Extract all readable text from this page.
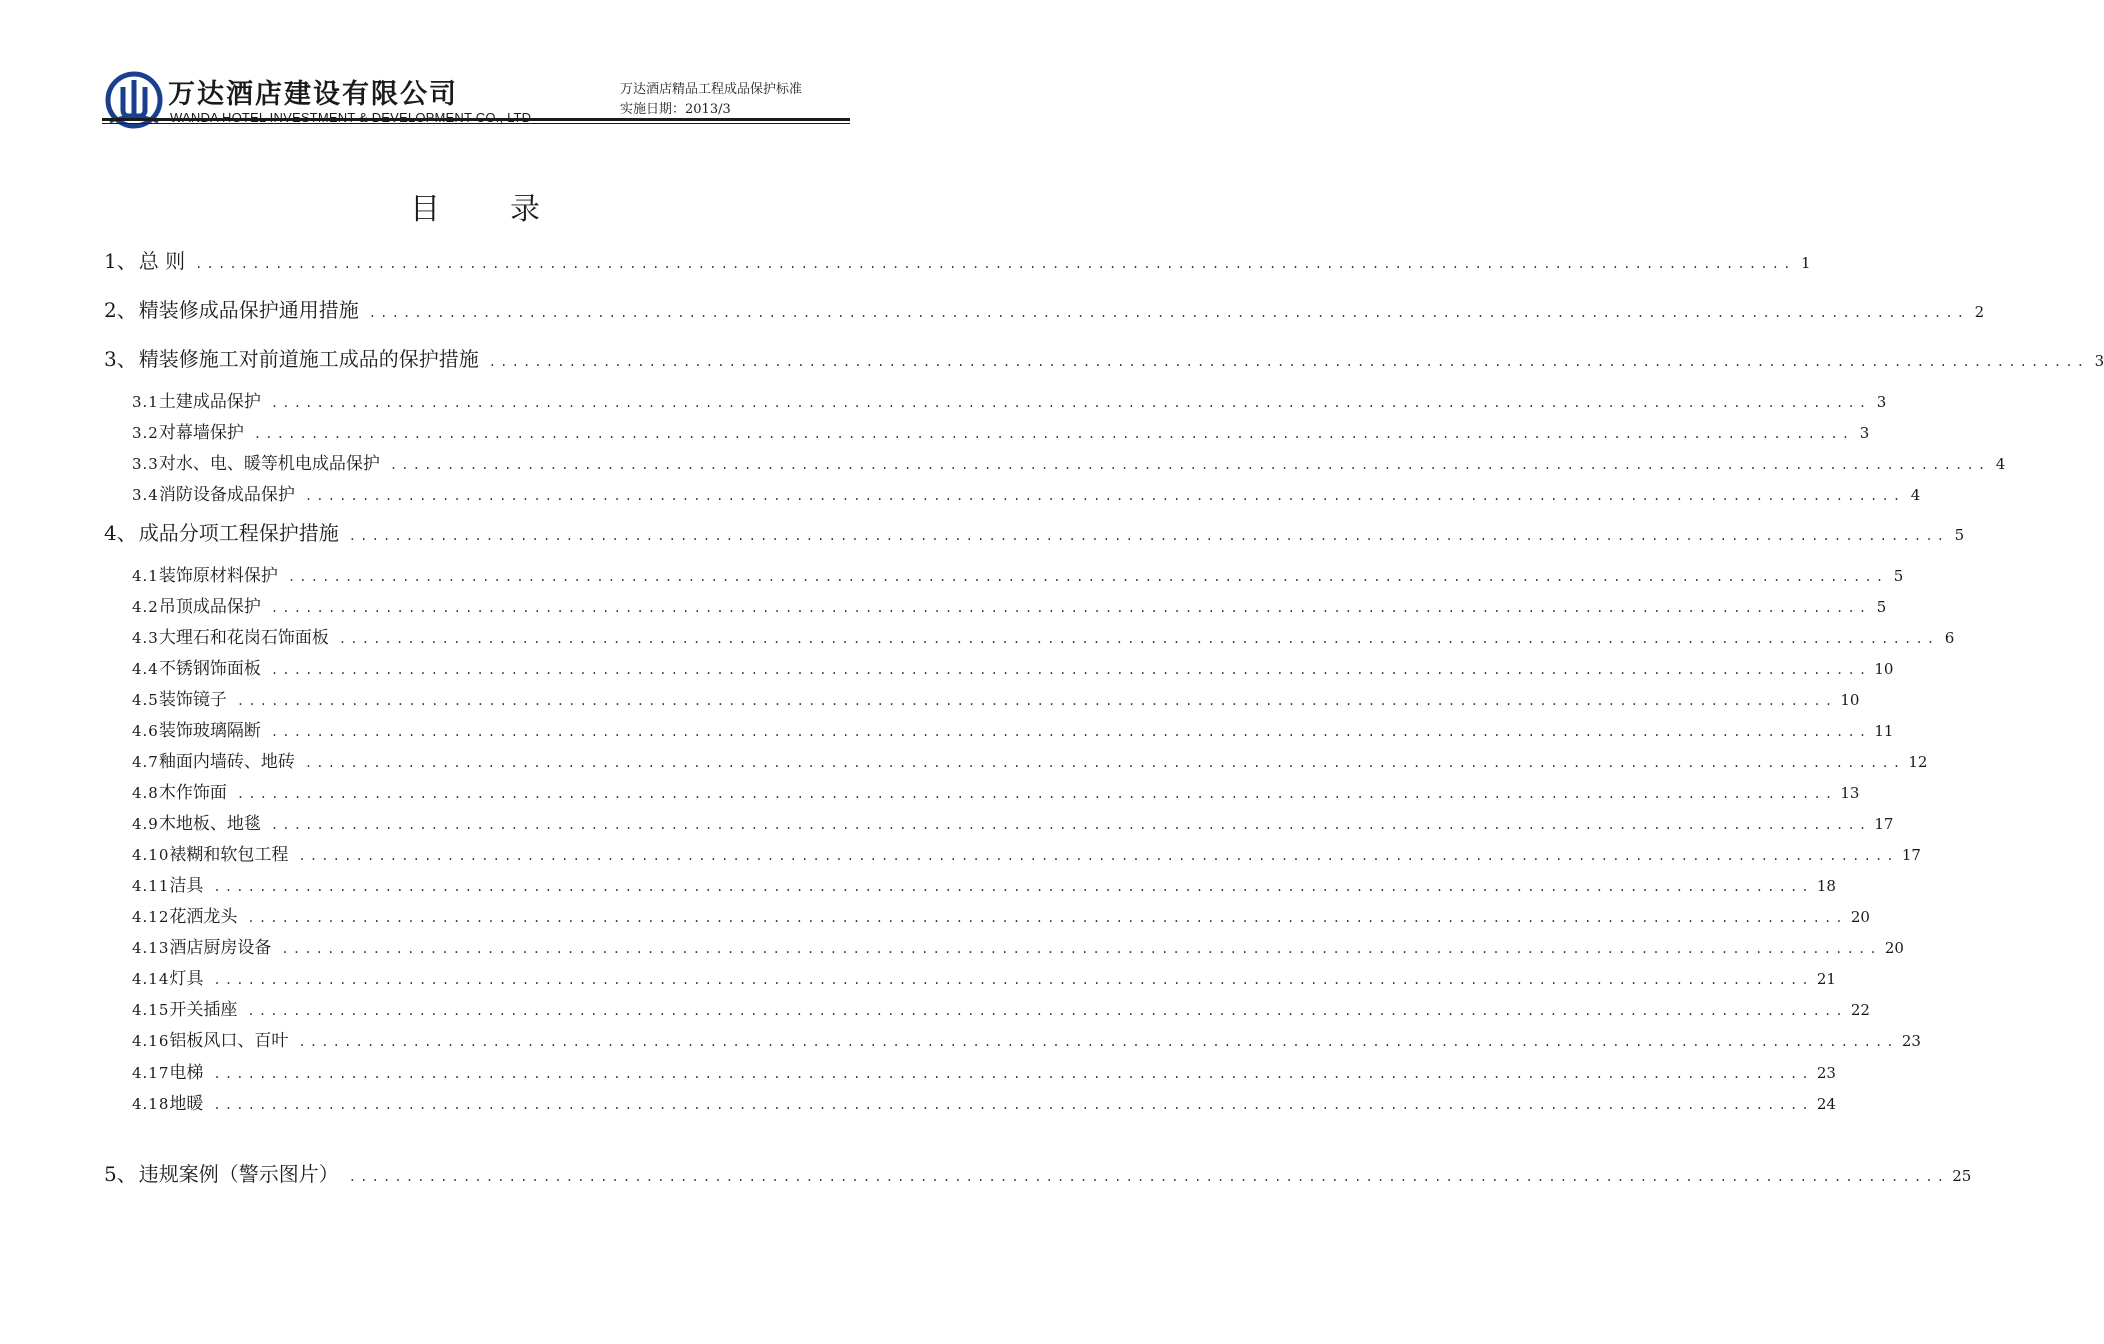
万达酒店建设有限公司	万达酒店精品工程成品保护标准
实施日期：2013/3
目录
1、 总 则 ............................................................................................................................................ 1
2、 精装修成品保护通用措施 ............................................................................................................................................ 2
3、 精装修施工对前道施工成品的保护措施 ............................................................................................................................................ 3
3.1 土建成品保护 ............................................................................................................................................ 3
3.2 对幕墙保护 ............................................................................................................................................ 3
3.3 对水、电、暖等机电成品保护 ............................................................................................................................................ 4
3.4 消防设备成品保护 ............................................................................................................................................ 4
4、 成品分项工程保护措施 ............................................................................................................................................ 5
4.1 装饰原材料保护 ............................................................................................................................................ 5
4.2 吊顶成品保护 ............................................................................................................................................ 5
4.3 大理石和花岗石饰面板 ............................................................................................................................................ 6
4.4 不锈钢饰面板 ............................................................................................................................................ 10
4.5 装饰镜子 ............................................................................................................................................ 10
4.6 装饰玻璃隔断 ............................................................................................................................................ 11
4.7 釉面内墙砖、地砖 ............................................................................................................................................ 12
4.8 木作饰面 ............................................................................................................................................ 13
4.9 木地板、地毯 ............................................................................................................................................ 17
4.10 裱糊和软包工程 ............................................................................................................................................ 17
4.11 洁具 ............................................................................................................................................ 18
4.12 花洒龙头 ............................................................................................................................................ 20
4.13 酒店厨房设备 ............................................................................................................................................ 20
4.14 灯具 ............................................................................................................................................ 21
4.15 开关插座 ............................................................................................................................................ 22
4.16 铝板风口、百叶 ............................................................................................................................................ 23
4.17 电梯 ............................................................................................................................................ 23
4.18 地暖 ............................................................................................................................................ 24
5、 违规案例（警示图片） ............................................................................................................................................ 25
